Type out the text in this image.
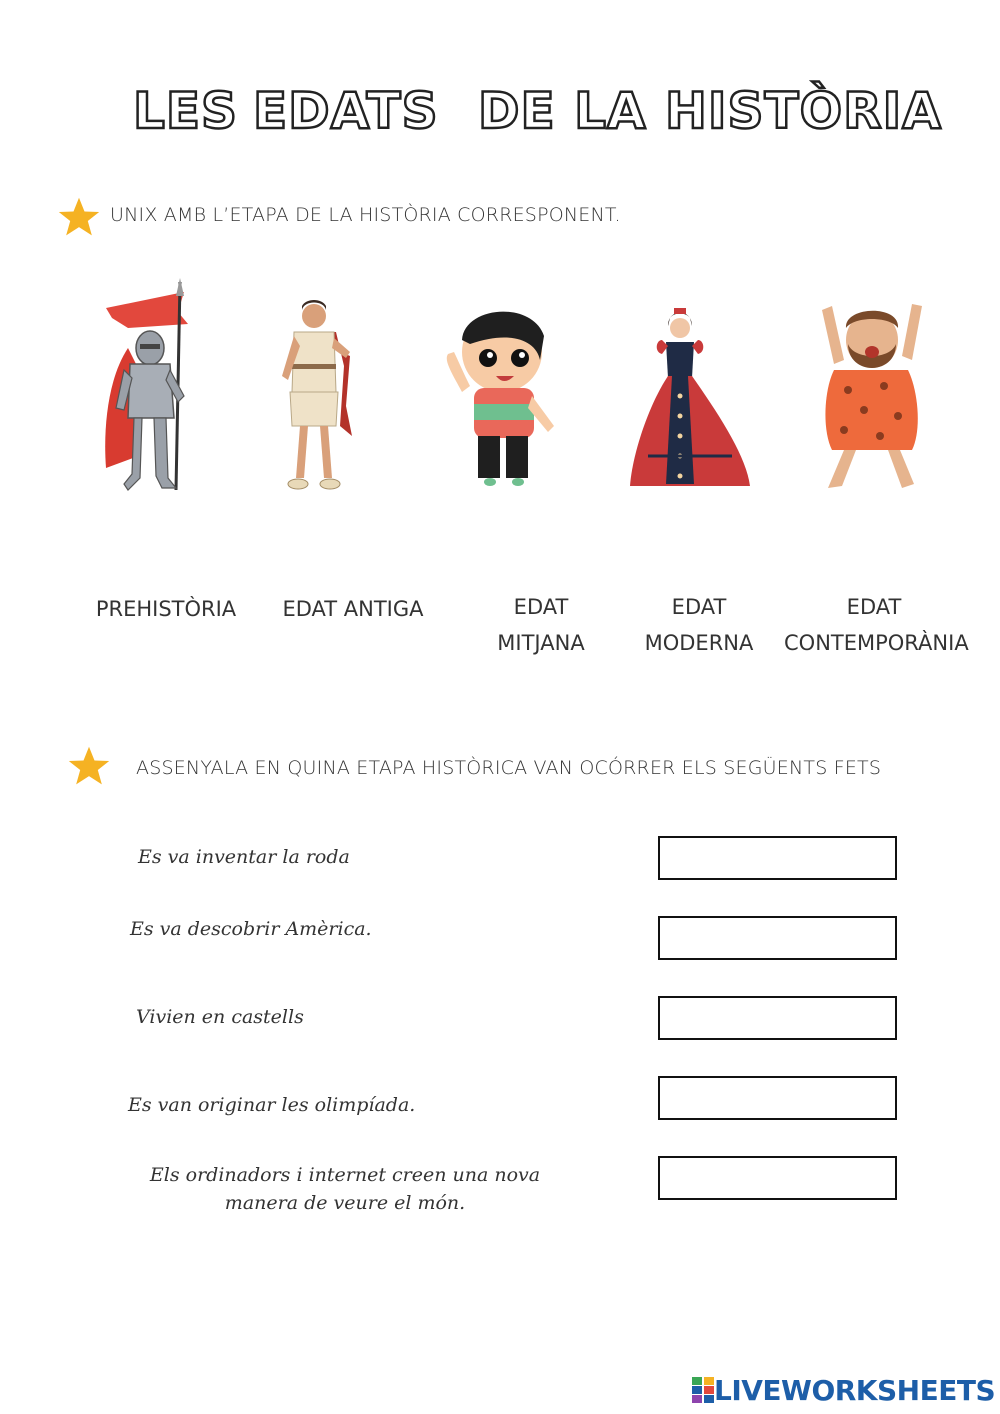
LES EDATS DE LA HISTÒRIA
UNIX AMB L’ETAPA DE LA HISTÒRIA CORRESPONENT.
PREHISTÒRIA	EDAT ANTIGA	EDAT
MITJANA
EDAT
MODERNA
EDAT
CONTEMPORÀNIA
ASSENYALA EN QUINA ETAPA HISTÒRICA VAN OCÓRRER ELS SEGÜENTS FETS
Es va inventar la roda
Es va descobrir Amèrica.
Vivien en castells
Es van originar les olimpíada.
Els ordinadors i internet creen una nova
manera de veure el món.
LIVEWORKSHEETS
